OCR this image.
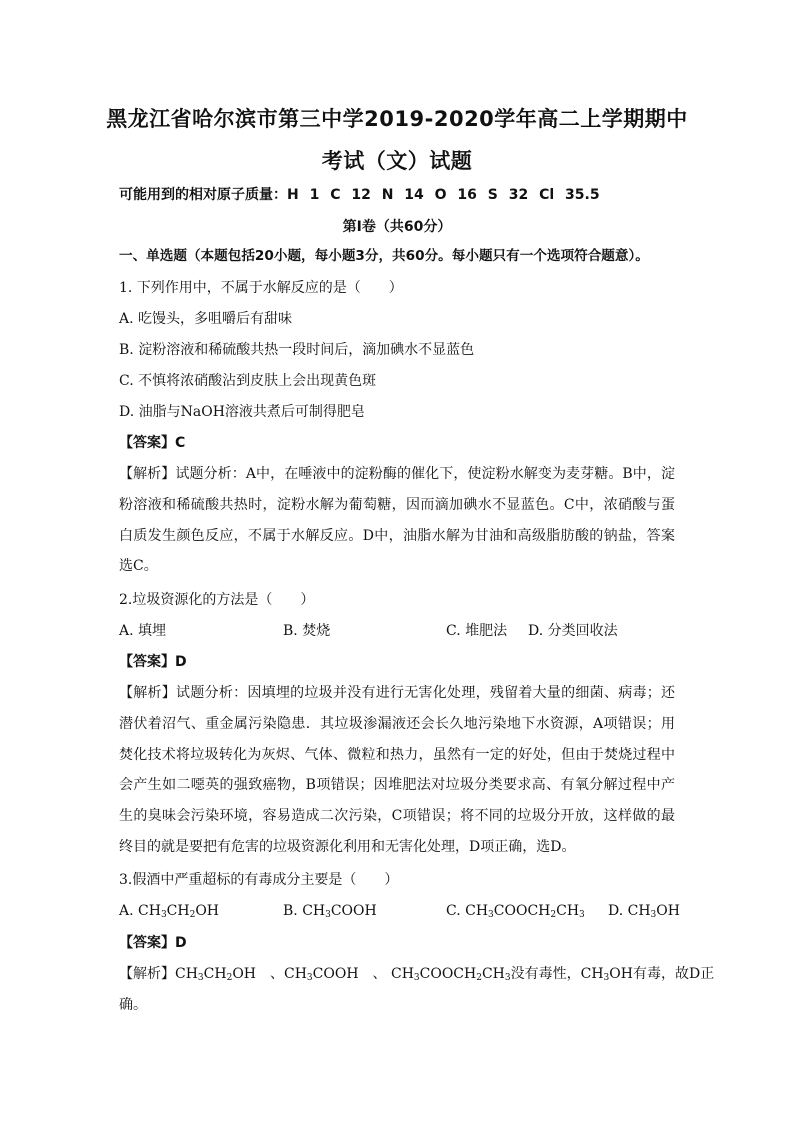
黑龙江省哈尔滨市第三中学2019-2020学年高二上学期期中
考试（文）试题
可能用到的相对原子质量：H 1 C 12 N 14 O 16 S 32 Cl 35.5
第Ⅰ卷（共60分）
一、单选题（本题包括20小题，每小题3分，共60分。每小题只有一个选项符合题意）。
1. 下列作用中，不属于水解反应的是（　　）
A. 吃馒头，多咀嚼后有甜味
B. 淀粉溶液和稀硫酸共热一段时间后，滴加碘水不显蓝色
C. 不慎将浓硝酸沾到皮肤上会出现黄色斑
D. 油脂与NaOH溶液共煮后可制得肥皂
【答案】C
【解析】试题分析：A中，在唾液中的淀粉酶的催化下，使淀粉水解变为麦芽糖。B中，淀粉溶液和稀硫酸共热时，淀粉水解为葡萄糖，因而滴加碘水不显蓝色。C中，浓硝酸与蛋白质发生颜色反应，不属于水解反应。D中，油脂水解为甘油和高级脂肪酸的钠盐，答案选C。
2.垃圾资源化的方法是（　　）
A. 填埋	B. 焚烧	C. 堆肥法 D. 分类回收法
【答案】D
【解析】试题分析：因填埋的垃圾并没有进行无害化处理，残留着大量的细菌、病毒；还潜伏着沼气、重金属污染隐患．其垃圾渗漏液还会长久地污染地下水资源，A项错误；用焚化技术将垃圾转化为灰烬、气体、微粒和热力，虽然有一定的好处，但由于焚烧过程中会产生如二噁英的强致癌物，B项错误；因堆肥法对垃圾分类要求高、有氧分解过程中产生的臭味会污染环境，容易造成二次污染，C项错误；将不同的垃圾分开放，这样做的最终目的就是要把有危害的垃圾资源化利用和无害化处理，D项正确，选D。
3.假酒中严重超标的有毒成分主要是（　　）
A. $CH_3CH_2OH$	B. $CH_3COOH$	C. $CH_3COOCH_2CH_3$ D. $CH_3OH$
【答案】D
【解析】$CH_3CH_2OH$　、$CH_3COOH$　、 $CH_3COOCH_2CH_3$没有毒性，$CH_3OH$有毒，故D正
确。
